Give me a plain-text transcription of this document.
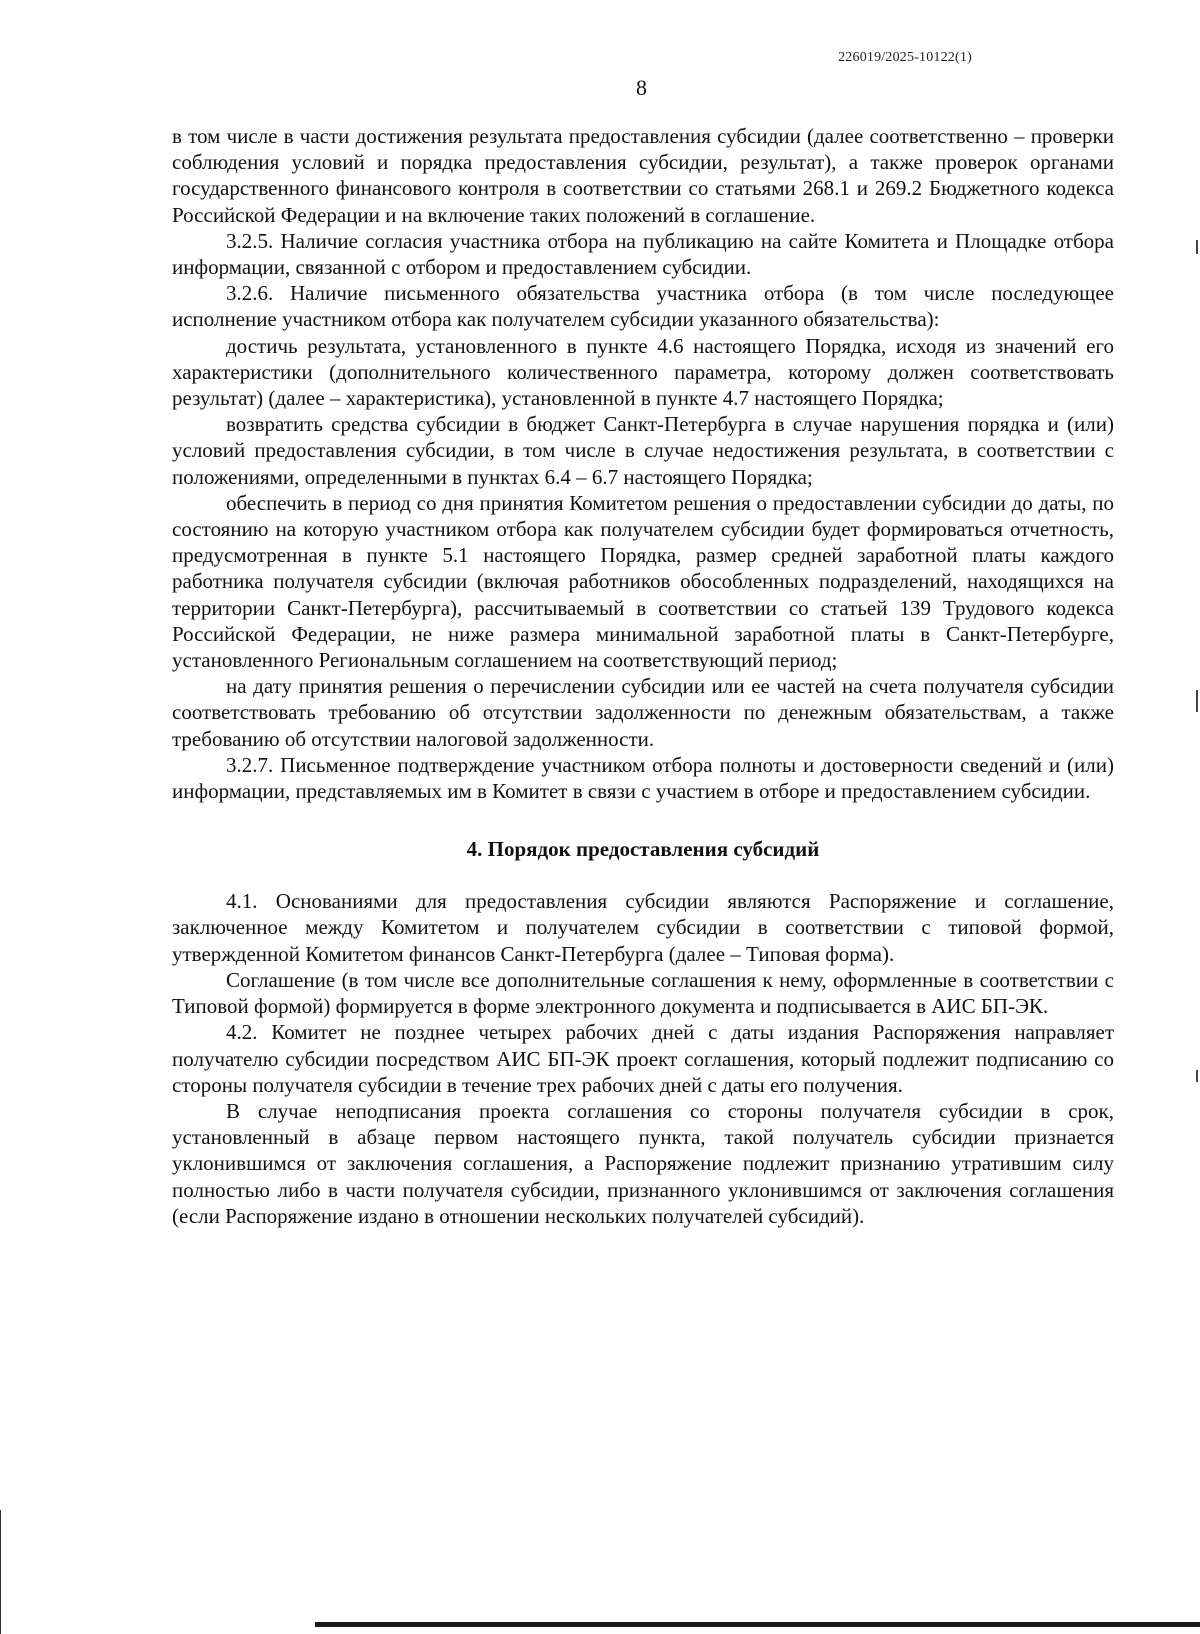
226019/2025-10122(1)
8

в том числе в части достижения результата предоставления субсидии (далее соответственно – проверки соблюдения условий и порядка предоставления субсидии, результат), а также проверок органами государственного финансового контроля в соответствии со статьями 268.1 и 269.2 Бюджетного кодекса Российской Федерации и на включение таких положений в соглашение.

3.2.5. Наличие согласия участника отбора на публикацию на сайте Комитета и Площадке отбора информации, связанной с отбором и предоставлением субсидии.

3.2.6. Наличие письменного обязательства участника отбора (в том числе последующее исполнение участником отбора как получателем субсидии указанного обязательства):

достичь результата, установленного в пункте 4.6 настоящего Порядка, исходя из значений его характеристики (дополнительного количественного параметра, которому должен соответствовать результат) (далее – характеристика), установленной в пункте 4.7 настоящего Порядка;

возвратить средства субсидии в бюджет Санкт-Петербурга в случае нарушения порядка и (или) условий предоставления субсидии, в том числе в случае недостижения результата, в соответствии с положениями, определенными в пунктах 6.4 – 6.7 настоящего Порядка;

обеспечить в период со дня принятия Комитетом решения о предоставлении субсидии до даты, по состоянию на которую участником отбора как получателем субсидии будет формироваться отчетность, предусмотренная в пункте 5.1 настоящего Порядка, размер средней заработной платы каждого работника получателя субсидии (включая работников обособленных подразделений, находящихся на территории Санкт-Петербурга), рассчитываемый в соответствии со статьей 139 Трудового кодекса Российской Федерации, не ниже размера минимальной заработной платы в Санкт-Петербурге, установленного Региональным соглашением на соответствующий период;

на дату принятия решения о перечислении субсидии или ее частей на счета получателя субсидии соответствовать требованию об отсутствии задолженности по денежным обязательствам, а также требованию об отсутствии налоговой задолженности.

3.2.7. Письменное подтверждение участником отбора полноты и достоверности сведений и (или) информации, представляемых им в Комитет в связи с участием в отборе и предоставлением субсидии.

4. Порядок предоставления субсидий

4.1. Основаниями для предоставления субсидии являются Распоряжение и соглашение, заключенное между Комитетом и получателем субсидии в соответствии с типовой формой, утвержденной Комитетом финансов Санкт-Петербурга (далее – Типовая форма).

Соглашение (в том числе все дополнительные соглашения к нему, оформленные в соответствии с Типовой формой) формируется в форме электронного документа и подписывается в АИС БП-ЭК.

4.2. Комитет не позднее четырех рабочих дней с даты издания Распоряжения направляет получателю субсидии посредством АИС БП-ЭК проект соглашения, который подлежит подписанию со стороны получателя субсидии в течение трех рабочих дней с даты его получения.

В случае неподписания проекта соглашения со стороны получателя субсидии в срок, установленный в абзаце первом настоящего пункта, такой получатель субсидии признается уклонившимся от заключения соглашения, а Распоряжение подлежит признанию утратившим силу полностью либо в части получателя субсидии, признанного уклонившимся от заключения соглашения (если Распоряжение издано в отношении нескольких получателей субсидий).
